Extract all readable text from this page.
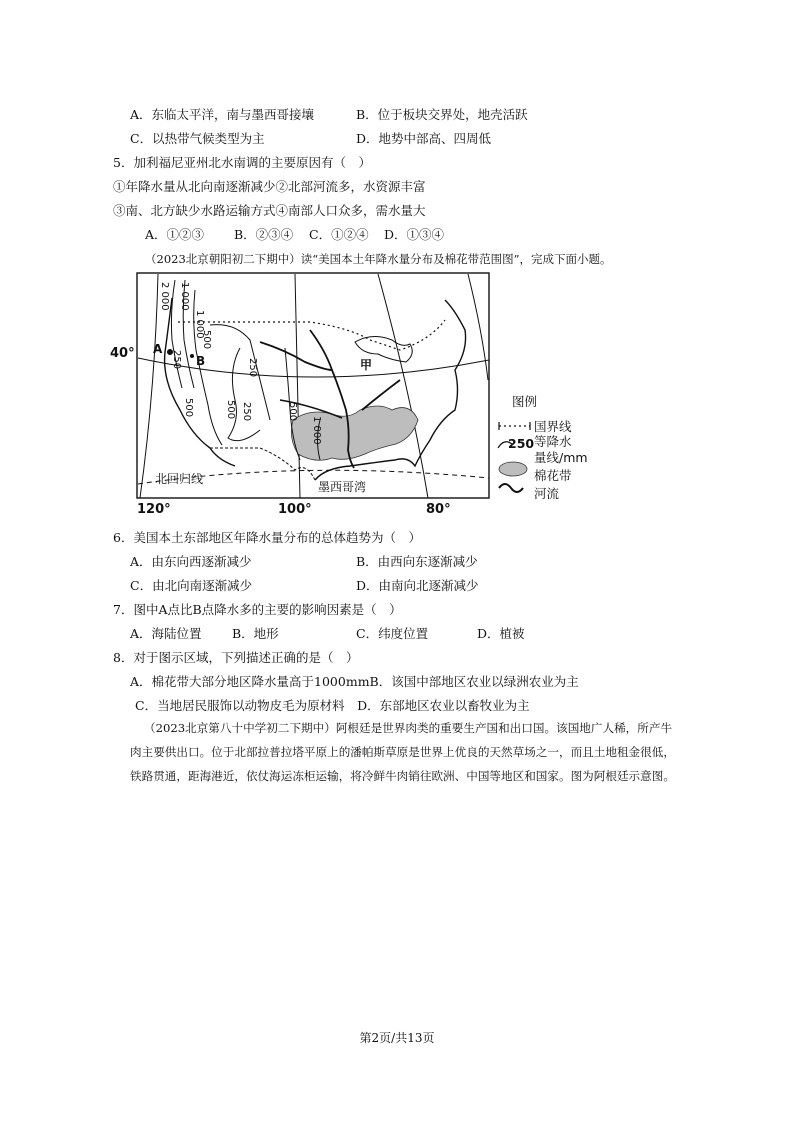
A．东临太平洋，南与墨西哥接壤	B．位于板块交界处，地壳活跃
C．以热带气候类型为主	D．地势中部高、四周低
5．加利福尼亚州北水南调的主要原因有（　）
①年降水量从北向南逐渐减少②北部河流多，水资源丰富
③南、北方缺少水路运输方式④南部人口众多，需水量大
A．①②③ B．②③④ C．①②④ D．①③④
（2023北京朝阳初二下期中）读“美国本土年降水量分布及棉花带范围图”，完成下面小题。
40°
120°	100°	80°
A
B	甲
北回归线
墨西哥湾
2 000 1 000
1 000
250
500
250
500	500 250	500
1 000
图例
国界线
250 等降水
量线/mm
棉花带
河流
6．美国本土东部地区年降水量分布的总体趋势为（　）
A．由东向西逐渐减少	B．由西向东逐渐减少
C．由北向南逐渐减少	D．由南向北逐渐减少
7．图中A点比B点降水多的主要的影响因素是（　）
A．海陆位置 B．地形	C．纬度位置	D．植被
8．对于图示区域，下列描述正确的是（　）
A．棉花带大部分地区降水量高于1000mmB．该国中部地区农业以绿洲农业为主
C．当地居民服饰以动物皮毛为原材料　D．东部地区农业以畜牧业为主
（2023北京第八十中学初二下期中）阿根廷是世界肉类的重要生产国和出口国。该国地广人稀，所产牛肉主要供出口。位于北部拉普拉塔平原上的潘帕斯草原是世界上优良的天然草场之一，而且土地租金很低，铁路贯通，距海港近，依仗海运冻柜运输，将冷鲜牛肉销往欧洲、中国等地区和国家。图为阿根廷示意图。
第2页/共13页
